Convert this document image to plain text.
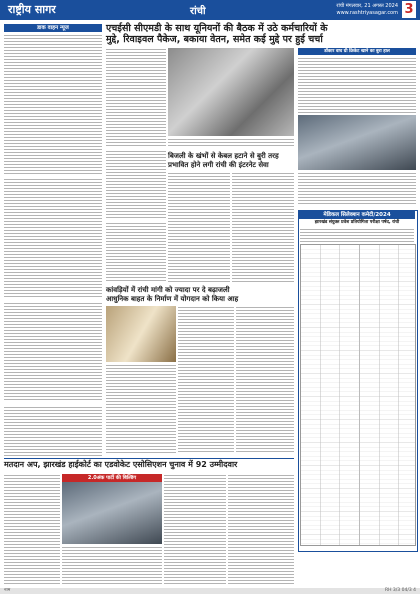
राष्ट्रीय सागर	रांची	रांची मंगलवार, 21 अगस्त 2024
www.rashtriyasagar.com 3
डाक वाहन न्यूज	एचईसी सीएमडी के साथ यूनियनों की बैठक में उठे कर्मचारियों के
मुद्दे, रिवाइवल पैकेज, बकाया वेतन, समेत कई मुद्दे पर हुई चर्चा
डॉक्टर वाघ ग्री क्रिकेट खाने का बुरा हाल
बिजली के खंभों से केबल हटाने से बुरी तरह
प्रभावित होने लगी रांची की इंटरनेट सेवा
कांवड़ियों में रांची मांगी को ज्यादा पर दे बढ़ाजली
आधुनिक बाहत के निर्माण में योगदान को किया आह
मेडिकल सिलेक्शन कमेटी/2024
झारखंड संयुक्त प्रवेश प्रतियोगिता परीक्षा पर्षद, रांची
मतदान अप, झारखंड हाईकोर्ट का एडवोकेट एसोसिएशन चुनाव में 92 उम्मीदवार
2.0अंक पार्टी की बिल्डिंग
नाम	RH 3/3 04/3 4
